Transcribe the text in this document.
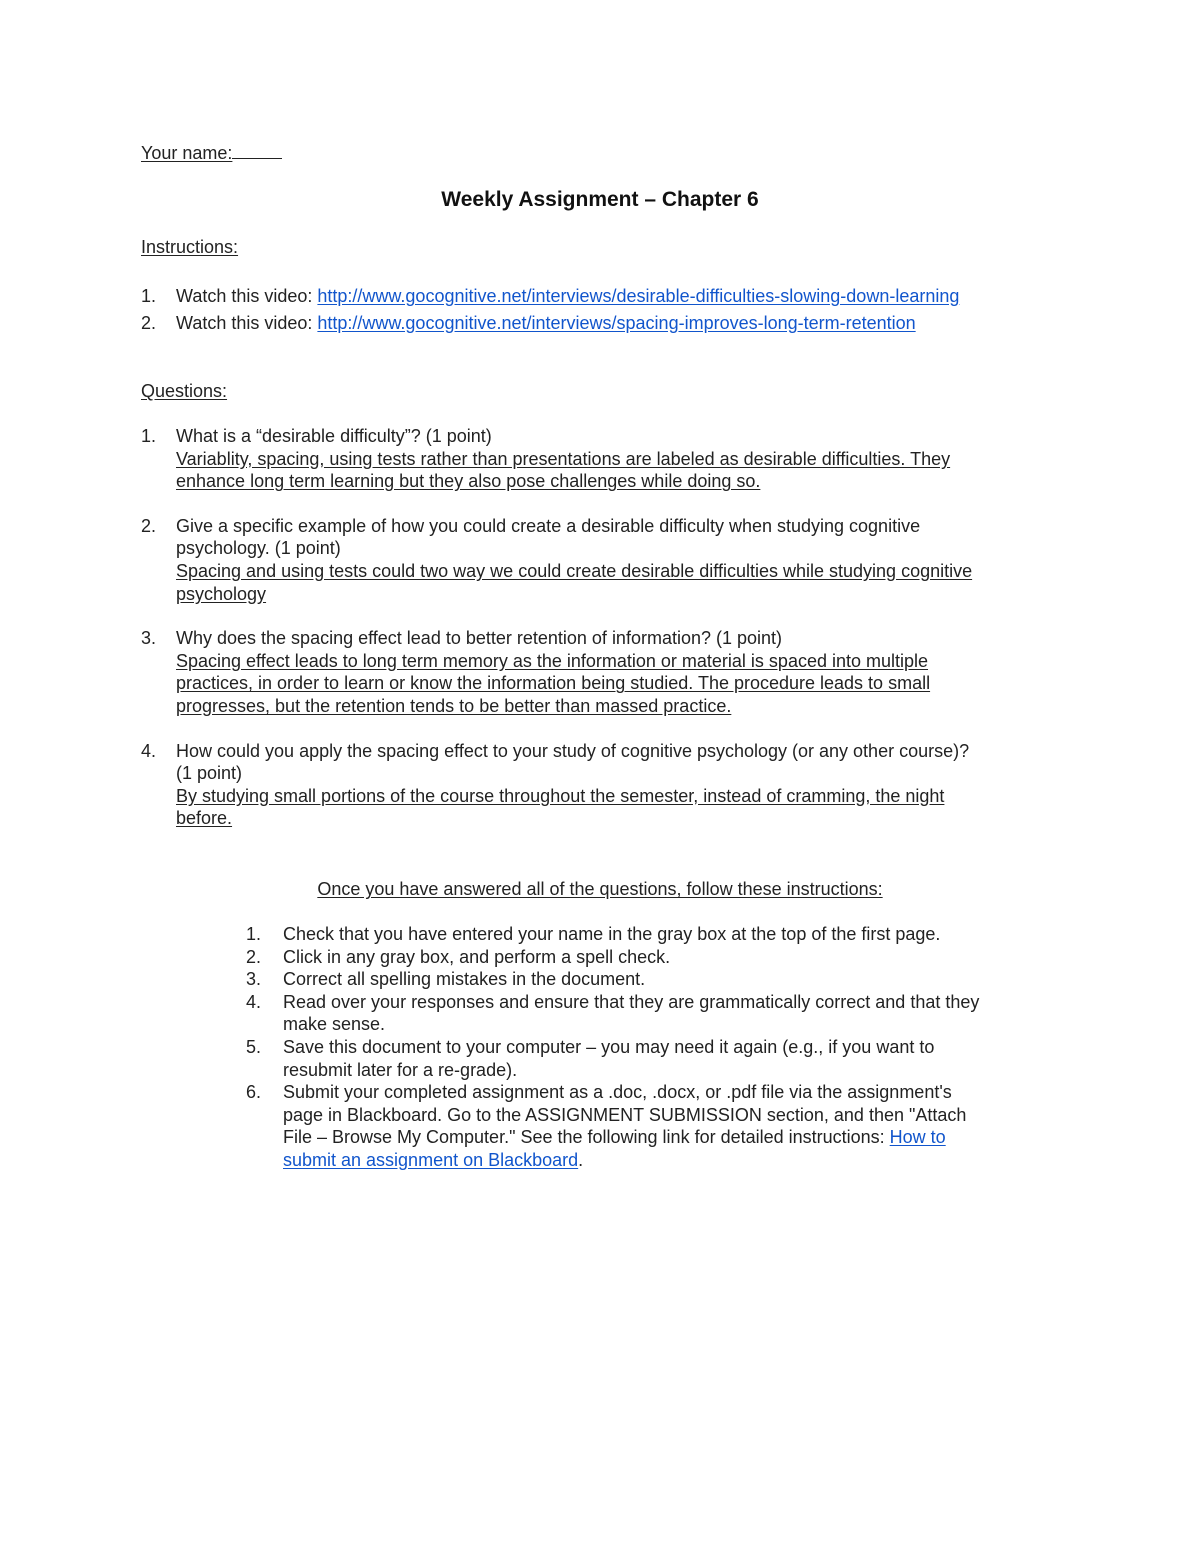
Your name:
Weekly Assignment – Chapter 6
Instructions:
1. Watch this video: http://www.gocognitive.net/interviews/desirable-difficulties-slowing-down-learning
2. Watch this video: http://www.gocognitive.net/interviews/spacing-improves-long-term-retention
Questions:
1. What is a “desirable difficulty”? (1 point)
Variablity, spacing, using tests rather than presentations are labeled as desirable difficulties. They
enhance long term learning but they also pose challenges while doing so.
2. Give a specific example of how you could create a desirable difficulty when studying cognitive
psychology. (1 point)
Spacing and using tests could two way we could create desirable difficulties while studying cognitive
psychology
3. Why does the spacing effect lead to better retention of information? (1 point)
Spacing effect leads to long term memory as the information or material is spaced into multiple
practices, in order to learn or know the information being studied. The procedure leads to small
progresses, but the retention tends to be better than massed practice.
4. How could you apply the spacing effect to your study of cognitive psychology (or any other course)?
(1 point)
By studying small portions of the course throughout the semester, instead of cramming, the night
before.
Once you have answered all of the questions, follow these instructions:
1. Check that you have entered your name in the gray box at the top of the first page.
2. Click in any gray box, and perform a spell check.
3. Correct all spelling mistakes in the document.
4. Read over your responses and ensure that they are grammatically correct and that they
make sense.
5. Save this document to your computer – you may need it again (e.g., if you want to
resubmit later for a re-grade).
6. Submit your completed assignment as a .doc, .docx, or .pdf file via the assignment's
page in Blackboard. Go to the ASSIGNMENT SUBMISSION section, and then "Attach
File – Browse My Computer." See the following link for detailed instructions: How to
submit an assignment on Blackboard.
